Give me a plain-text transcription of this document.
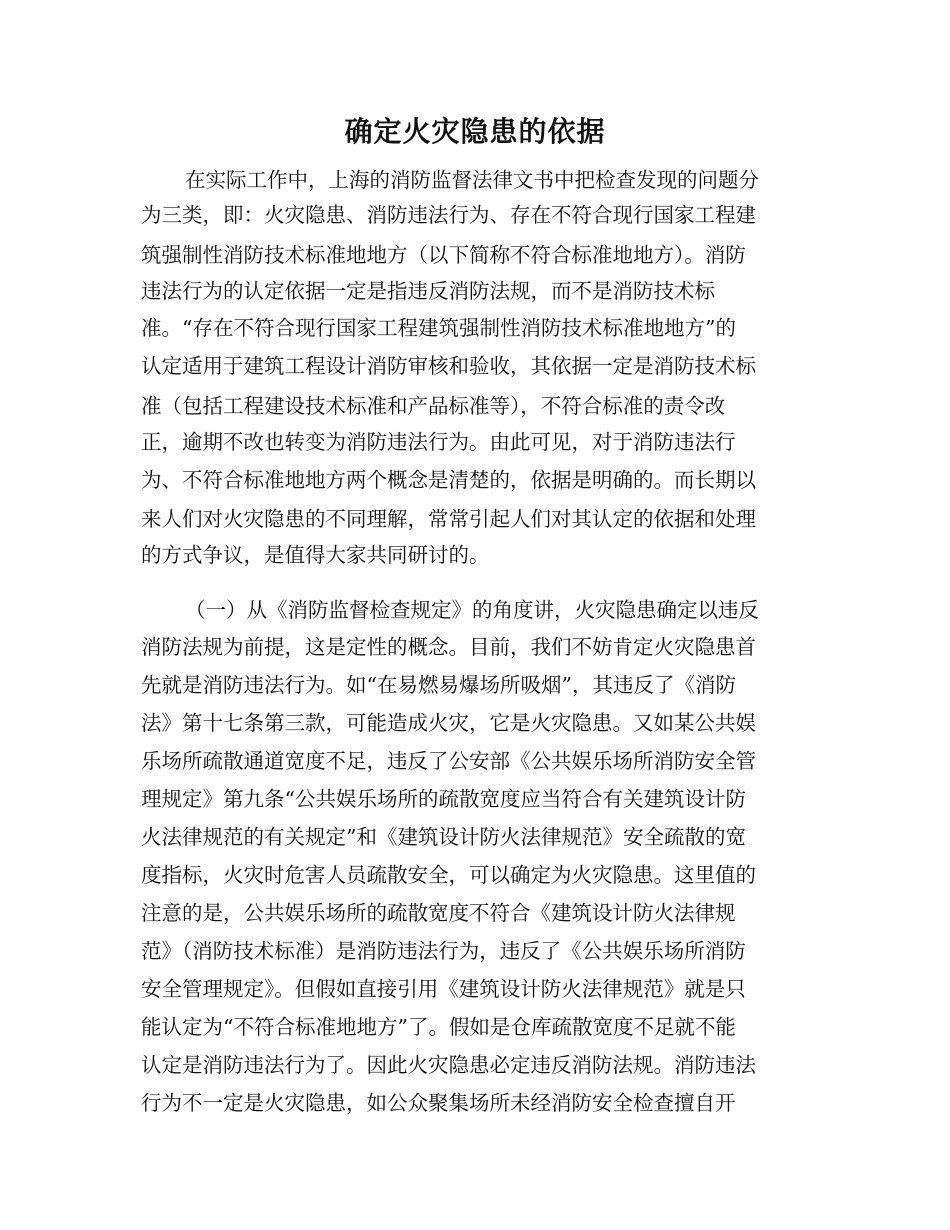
确定火灾隐患的依据
在实际工作中，上海的消防监督法律文书中把检查发现的问题分
为三类，即：火灾隐患、消防违法行为、存在不符合现行国家工程建
筑强制性消防技术标准地地方（以下简称不符合标准地地方）。消防
违法行为的认定依据一定是指违反消防法规，而不是消防技术标
准。“存在不符合现行国家工程建筑强制性消防技术标准地地方”的
认定适用于建筑工程设计消防审核和验收，其依据一定是消防技术标
准（包括工程建设技术标准和产品标准等），不符合标准的责令改
正，逾期不改也转变为消防违法行为。由此可见，对于消防违法行
为、不符合标准地地方两个概念是清楚的，依据是明确的。而长期以
来人们对火灾隐患的不同理解，常常引起人们对其认定的依据和处理
的方式争议，是值得大家共同研讨的。
（一）从《消防监督检查规定》的角度讲，火灾隐患确定以违反
消防法规为前提，这是定性的概念。目前，我们不妨肯定火灾隐患首
先就是消防违法行为。如“在易燃易爆场所吸烟”，其违反了《消防
法》第十七条第三款，可能造成火灾，它是火灾隐患。又如某公共娱
乐场所疏散通道宽度不足，违反了公安部《公共娱乐场所消防安全管
理规定》第九条“公共娱乐场所的疏散宽度应当符合有关建筑设计防
火法律规范的有关规定”和《建筑设计防火法律规范》安全疏散的宽
度指标，火灾时危害人员疏散安全，可以确定为火灾隐患。这里值的
注意的是，公共娱乐场所的疏散宽度不符合《建筑设计防火法律规
范》（消防技术标准）是消防违法行为，违反了《公共娱乐场所消防
安全管理规定》。但假如直接引用《建筑设计防火法律规范》就是只
能认定为“不符合标准地地方”了。假如是仓库疏散宽度不足就不能
认定是消防违法行为了。因此火灾隐患必定违反消防法规。消防违法
行为不一定是火灾隐患，如公众聚集场所未经消防安全检查擅自开
